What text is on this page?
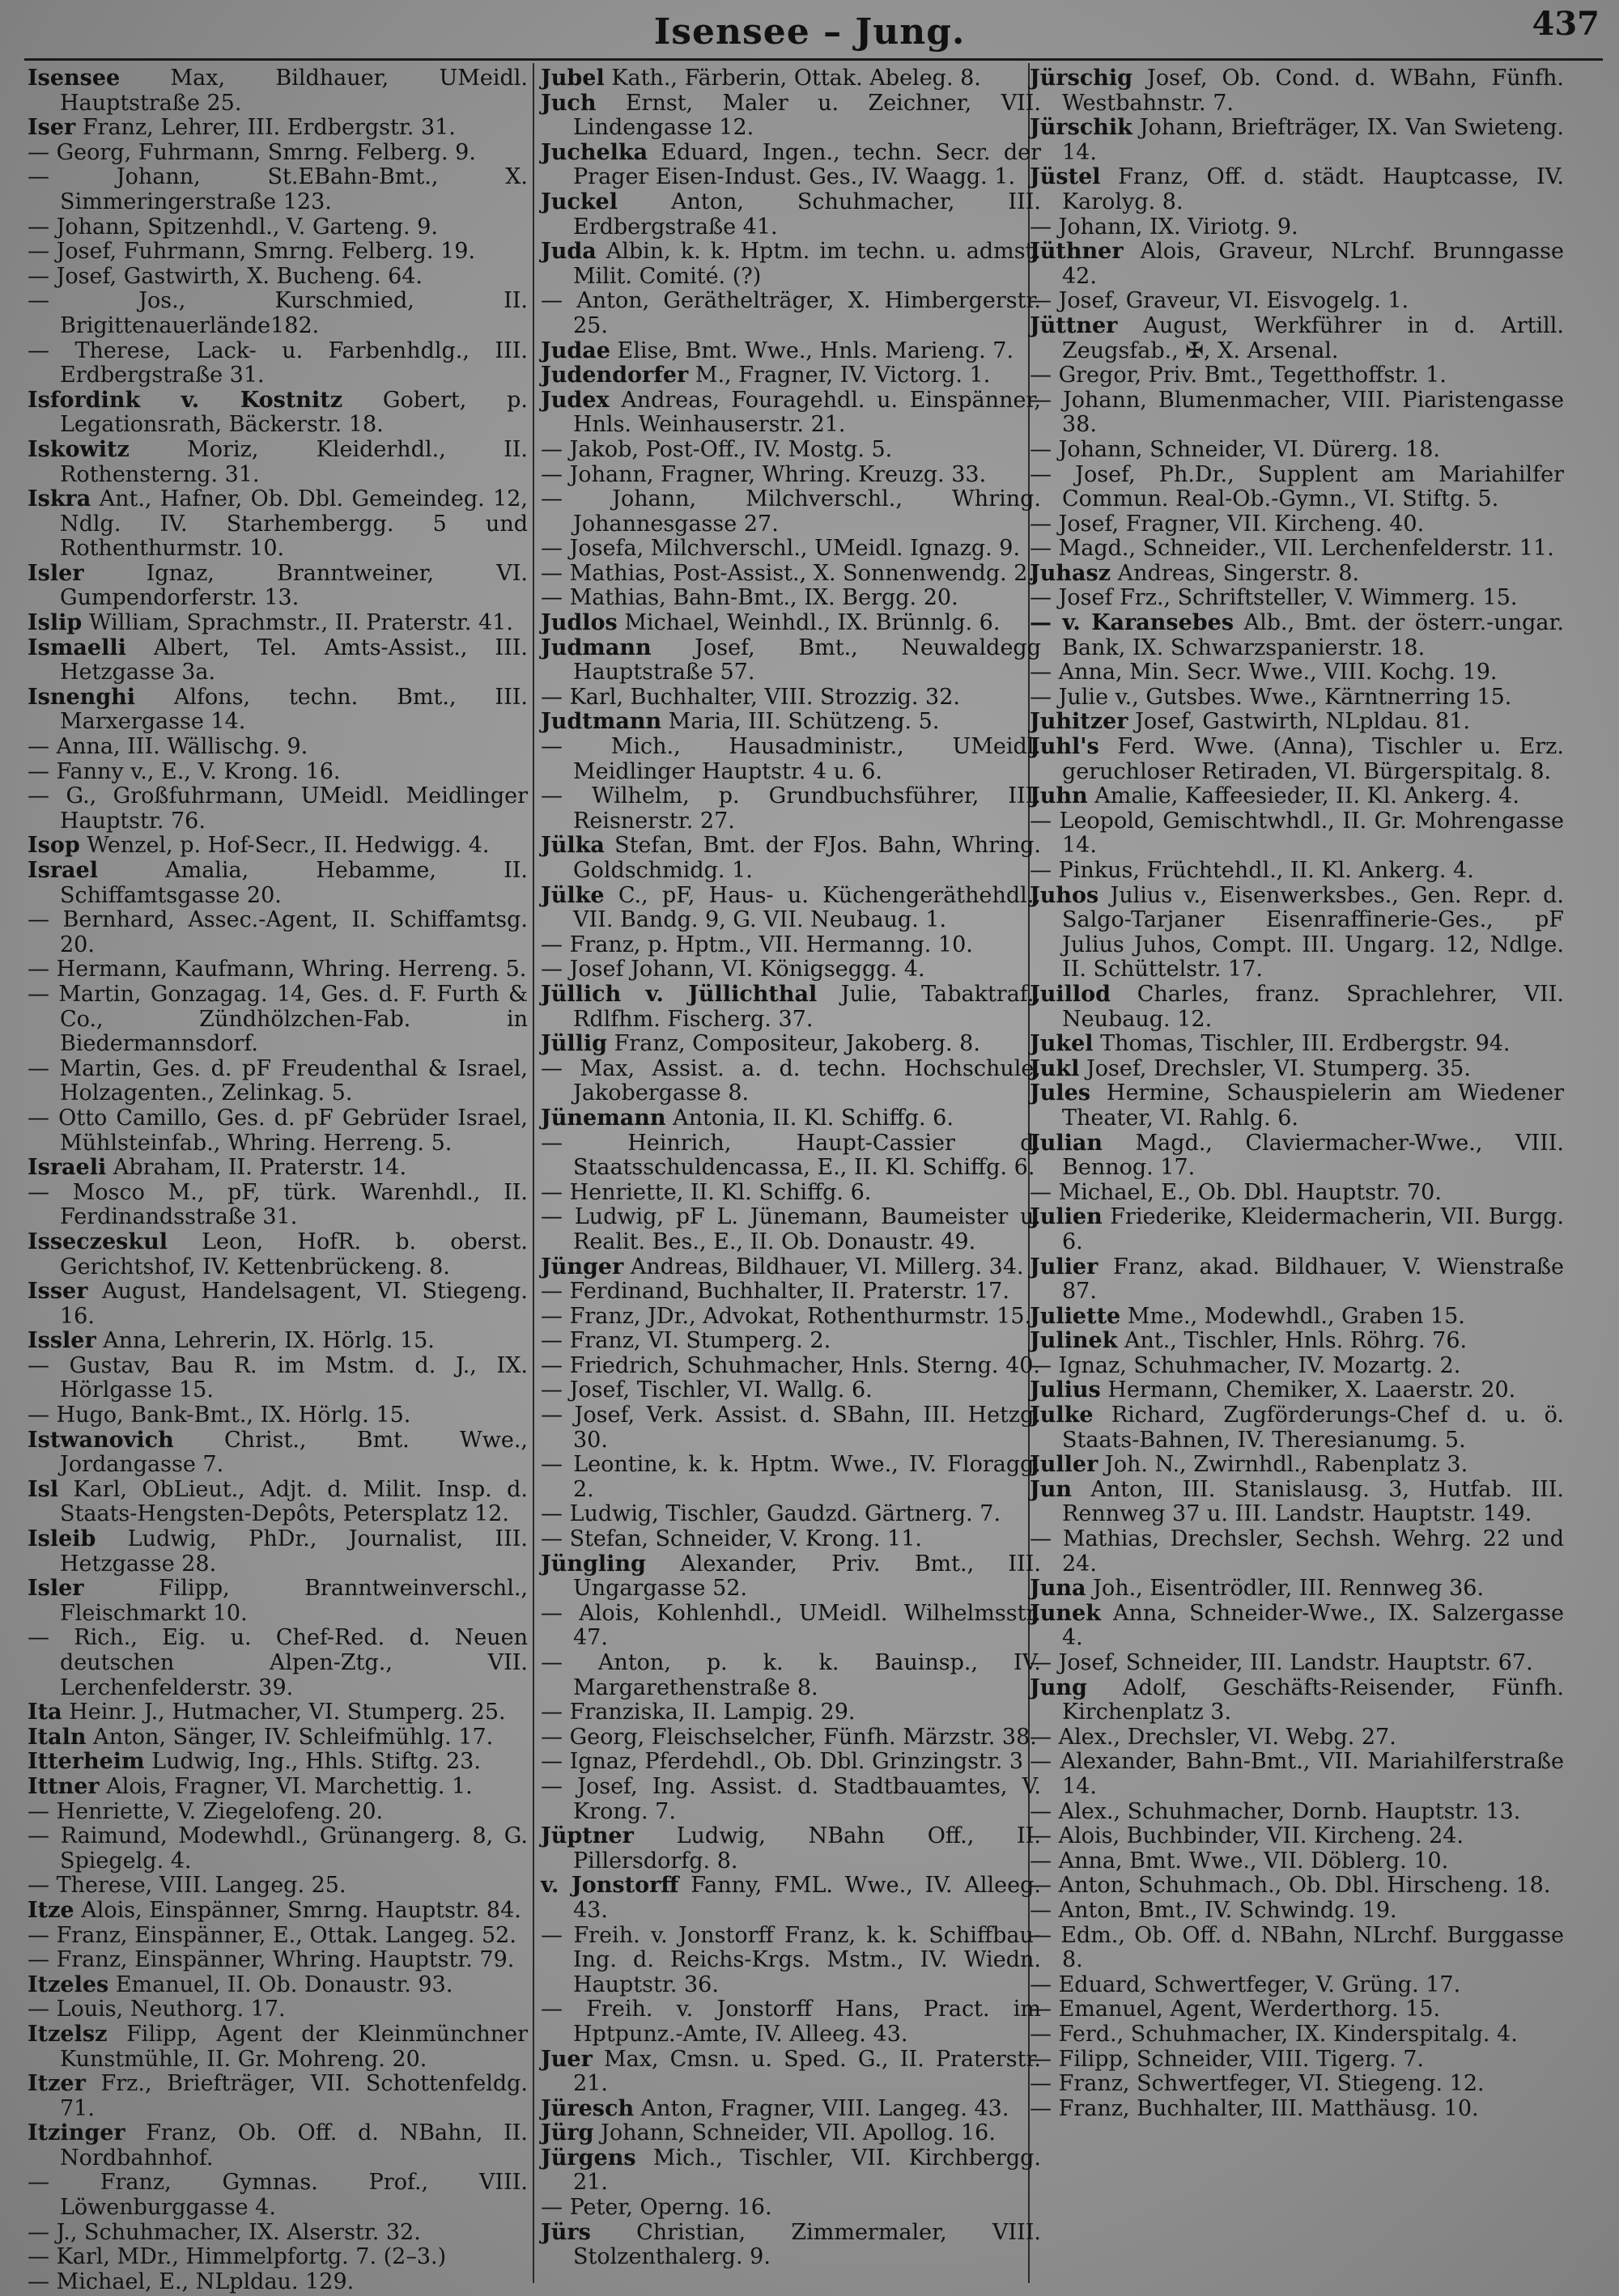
Isensee – Jung.	437

Isensee Max, Bildhauer, UMeidl. Hauptstraße 25.

Iser Franz, Lehrer, III. Erdbergstr. 31.

— Georg, Fuhrmann, Smrng. Felberg. 9.

— Johann, St.EBahn-Bmt., X. Simmeringerstraße 123.

— Johann, Spitzenhdl., V. Garteng. 9.

— Josef, Fuhrmann, Smrng. Felberg. 19.

— Josef, Gastwirth, X. Bucheng. 64.

— Jos., Kurschmied, II. Brigittenauerlände182.

— Therese, Lack- u. Farbenhdlg., III. Erdbergstraße 31.

Isfordink v. Kostnitz Gobert, p. Legationsrath, Bäckerstr. 18.

Iskowitz Moriz, Kleiderhdl., II. Rothensterng. 31.

Iskra Ant., Hafner, Ob. Dbl. Gemeindeg. 12, Ndlg. IV. Starhembergg. 5 und Rothenthurmstr. 10.

Isler Ignaz, Branntweiner, VI. Gumpendorferstr. 13.

Islip William, Sprachmstr., II. Praterstr. 41.

Ismaelli Albert, Tel. Amts-Assist., III. Hetzgasse 3a.

Isnenghi Alfons, techn. Bmt., III. Marxergasse 14.

— Anna, III. Wällischg. 9.

— Fanny v., E., V. Krong. 16.

— G., Großfuhrmann, UMeidl. Meidlinger Hauptstr. 76.

Isop Wenzel, p. Hof-Secr., II. Hedwigg. 4.

Israel Amalia, Hebamme, II. Schiffamtsgasse 20.

— Bernhard, Assec.-Agent, II. Schiffamtsg. 20.

— Hermann, Kaufmann, Whring. Herreng. 5.

— Martin, Gonzagag. 14, Ges. d. F. Furth & Co., Zündhölzchen-Fab. in Biedermannsdorf.

— Martin, Ges. d. pF Freudenthal & Israel, Holzagenten., Zelinkag. 5.

— Otto Camillo, Ges. d. pF Gebrüder Israel, Mühlsteinfab., Whring. Herreng. 5.

Israeli Abraham, II. Praterstr. 14.

— Mosco M., pF, türk. Warenhdl., II. Ferdinandsstraße 31.

Isseczeskul Leon, HofR. b. oberst. Gerichtshof, IV. Kettenbrückeng. 8.

Isser August, Handelsagent, VI. Stiegeng. 16.

Issler Anna, Lehrerin, IX. Hörlg. 15.

— Gustav, Bau R. im Mstm. d. J., IX. Hörlgasse 15.

— Hugo, Bank-Bmt., IX. Hörlg. 15.

Istwanovich Christ., Bmt. Wwe., Jordangasse 7.

Isl Karl, ObLieut., Adjt. d. Milit. Insp. d. Staats-Hengsten-Depôts, Petersplatz 12.

Isleib Ludwig, PhDr., Journalist, III. Hetzgasse 28.

Isler Filipp, Branntweinverschl., Fleischmarkt 10.

— Rich., Eig. u. Chef-Red. d. Neuen deutschen Alpen-Ztg., VII. Lerchenfelderstr. 39.

Ita Heinr. J., Hutmacher, VI. Stumperg. 25.

Italn Anton, Sänger, IV. Schleifmühlg. 17.

Itterheim Ludwig, Ing., Hhls. Stiftg. 23.

Ittner Alois, Fragner, VI. Marchettig. 1.

— Henriette, V. Ziegelofeng. 20.

— Raimund, Modewhdl., Grünangerg. 8, G. Spiegelg. 4.

— Therese, VIII. Langeg. 25.

Itze Alois, Einspänner, Smrng. Hauptstr. 84.

— Franz, Einspänner, E., Ottak. Langeg. 52.

— Franz, Einspänner, Whring. Hauptstr. 79.

Itzeles Emanuel, II. Ob. Donaustr. 93.

— Louis, Neuthorg. 17.

Itzelsz Filipp, Agent der Kleinmünchner Kunstmühle, II. Gr. Mohreng. 20.

Itzer Frz., Briefträger, VII. Schottenfeldg. 71.

Itzinger Franz, Ob. Off. d. NBahn, II. Nordbahnhof.

— Franz, Gymnas. Prof., VIII. Löwenburggasse 4.

— J., Schuhmacher, IX. Alserstr. 32.

— Karl, MDr., Himmelpfortg. 7. (2–3.)

— Michael, E., NLpldau. 129.

Jubel Kath., Färberin, Ottak. Abeleg. 8.

Juch Ernst, Maler u. Zeichner, VII. Lindengasse 12.

Juchelka Eduard, Ingen., techn. Secr. der Prager Eisen-Indust. Ges., IV. Waagg. 1.

Juckel Anton, Schuhmacher, III. Erdbergstraße 41.

Juda Albin, k. k. Hptm. im techn. u. admst. Milit. Comité. (?)

— Anton, Geräthelträger, X. Himbergerstr. 25.

Judae Elise, Bmt. Wwe., Hnls. Marieng. 7.

Judendorfer M., Fragner, IV. Victorg. 1.

Judex Andreas, Fouragehdl. u. Einspänner, Hnls. Weinhauserstr. 21.

— Jakob, Post-Off., IV. Mostg. 5.

— Johann, Fragner, Whring. Kreuzg. 33.

— Johann, Milchverschl., Whring. Johannesgasse 27.

— Josefa, Milchverschl., UMeidl. Ignazg. 9.

— Mathias, Post-Assist., X. Sonnenwendg. 2.

— Mathias, Bahn-Bmt., IX. Bergg. 20.

Judlos Michael, Weinhdl., IX. Brünnlg. 6.

Judmann Josef, Bmt., Neuwaldegg Hauptstraße 57.

— Karl, Buchhalter, VIII. Strozzig. 32.

Judtmann Maria, III. Schützeng. 5.

— Mich., Hausadministr., UMeidl. Meidlinger Hauptstr. 4 u. 6.

— Wilhelm, p. Grundbuchsführer, III. Reisnerstr. 27.

Jülka Stefan, Bmt. der FJos. Bahn, Whring. Goldschmidg. 1.

Jülke C., pF, Haus- u. Küchengeräthehdl., VII. Bandg. 9, G. VII. Neubaug. 1.

— Franz, p. Hptm., VII. Hermanng. 10.

— Josef Johann, VI. Königseggg. 4.

Jüllich v. Jüllichthal Julie, Tabaktraf., Rdlfhm. Fischerg. 37.

Jüllig Franz, Compositeur, Jakoberg. 8.

— Max, Assist. a. d. techn. Hochschule, Jakobergasse 8.

Jünemann Antonia, II. Kl. Schiffg. 6.

— Heinrich, Haupt-Cassier d. Staatsschuldencassa, E., II. Kl. Schiffg. 6.

— Henriette, II. Kl. Schiffg. 6.

— Ludwig, pF L. Jünemann, Baumeister u. Realit. Bes., E., II. Ob. Donaustr. 49.

Jünger Andreas, Bildhauer, VI. Millerg. 34.

— Ferdinand, Buchhalter, II. Praterstr. 17.

— Franz, JDr., Advokat, Rothenthurmstr. 15.

— Franz, VI. Stumperg. 2.

— Friedrich, Schuhmacher, Hnls. Sterng. 40.

— Josef, Tischler, VI. Wallg. 6.

— Josef, Verk. Assist. d. SBahn, III. Hetzg. 30.

— Leontine, k. k. Hptm. Wwe., IV. Floragg. 2.

— Ludwig, Tischler, Gaudzd. Gärtnerg. 7.

— Stefan, Schneider, V. Krong. 11.

Jüngling Alexander, Priv. Bmt., III. Ungargasse 52.

— Alois, Kohlenhdl., UMeidl. Wilhelmsstr. 47.

— Anton, p. k. k. Bauinsp., IV. Margarethenstraße 8.

— Franziska, II. Lampig. 29.

— Georg, Fleischselcher, Fünfh. Märzstr. 38.

— Ignaz, Pferdehdl., Ob. Dbl. Grinzingstr. 3

— Josef, Ing. Assist. d. Stadtbauamtes, V. Krong. 7.

Jüptner Ludwig, NBahn Off., II. Pillersdorfg. 8.

v. Jonstorff Fanny, FML. Wwe., IV. Alleeg. 43.

— Freih. v. Jonstorff Franz, k. k. Schiffbau-Ing. d. Reichs-Krgs. Mstm., IV. Wiedn. Hauptstr. 36.

— Freih. v. Jonstorff Hans, Pract. im Hptpunz.-Amte, IV. Alleeg. 43.

Juer Max, Cmsn. u. Sped. G., II. Praterstr. 21.

Jüresch Anton, Fragner, VIII. Langeg. 43.

Jürg Johann, Schneider, VII. Apollog. 16.

Jürgens Mich., Tischler, VII. Kirchbergg. 21.

— Peter, Operng. 16.

Jürs Christian, Zimmermaler, VIII. Stolzenthalerg. 9.

Jürschig Josef, Ob. Cond. d. WBahn, Fünfh. Westbahnstr. 7.

Jürschik Johann, Briefträger, IX. Van Swieteng. 14.

Jüstel Franz, Off. d. städt. Hauptcasse, IV. Karolyg. 8.

— Johann, IX. Viriotg. 9.

Jüthner Alois, Graveur, NLrchf. Brunngasse 42.

— Josef, Graveur, VI. Eisvogelg. 1.

Jüttner August, Werkführer in d. Artill. Zeugsfab., ✠, X. Arsenal.

— Gregor, Priv. Bmt., Tegetthoffstr. 1.

— Johann, Blumenmacher, VIII. Piaristengasse 38.

— Johann, Schneider, VI. Dürerg. 18.

— Josef, Ph.Dr., Supplent am Mariahilfer Commun. Real-Ob.-Gymn., VI. Stiftg. 5.

— Josef, Fragner, VII. Kircheng. 40.

— Magd., Schneider., VII. Lerchenfelderstr. 11.

Juhasz Andreas, Singerstr. 8.

— Josef Frz., Schriftsteller, V. Wimmerg. 15.

— v. Karansebes Alb., Bmt. der österr.-ungar. Bank, IX. Schwarzspanierstr. 18.

— Anna, Min. Secr. Wwe., VIII. Kochg. 19.

— Julie v., Gutsbes. Wwe., Kärntnerring 15.

Juhitzer Josef, Gastwirth, NLpldau. 81.

Juhl's Ferd. Wwe. (Anna), Tischler u. Erz. geruchloser Retiraden, VI. Bürgerspitalg. 8.

Juhn Amalie, Kaffeesieder, II. Kl. Ankerg. 4.

— Leopold, Gemischtwhdl., II. Gr. Mohrengasse 14.

— Pinkus, Früchtehdl., II. Kl. Ankerg. 4.

Juhos Julius v., Eisenwerksbes., Gen. Repr. d. Salgo-Tarjaner Eisenraffinerie-Ges., pF Julius Juhos, Compt. III. Ungarg. 12, Ndlge. II. Schüttelstr. 17.

Juillod Charles, franz. Sprachlehrer, VII. Neubaug. 12.

Jukel Thomas, Tischler, III. Erdbergstr. 94.

Jukl Josef, Drechsler, VI. Stumperg. 35.

Jules Hermine, Schauspielerin am Wiedener Theater, VI. Rahlg. 6.

Julian Magd., Claviermacher-Wwe., VIII. Bennog. 17.

— Michael, E., Ob. Dbl. Hauptstr. 70.

Julien Friederike, Kleidermacherin, VII. Burgg. 6.

Julier Franz, akad. Bildhauer, V. Wienstraße 87.

Juliette Mme., Modewhdl., Graben 15.

Julinek Ant., Tischler, Hnls. Röhrg. 76.

— Ignaz, Schuhmacher, IV. Mozartg. 2.

Julius Hermann, Chemiker, X. Laaerstr. 20.

Julke Richard, Zugförderungs-Chef d. u. ö. Staats-Bahnen, IV. Theresianumg. 5.

Juller Joh. N., Zwirnhdl., Rabenplatz 3.

Jun Anton, III. Stanislausg. 3, Hutfab. III. Rennweg 37 u. III. Landstr. Hauptstr. 149.

— Mathias, Drechsler, Sechsh. Wehrg. 22 und 24.

Juna Joh., Eisentrödler, III. Rennweg 36.

Junek Anna, Schneider-Wwe., IX. Salzergasse 4.

— Josef, Schneider, III. Landstr. Hauptstr. 67.

Jung Adolf, Geschäfts-Reisender, Fünfh. Kirchenplatz 3.

— Alex., Drechsler, VI. Webg. 27.

— Alexander, Bahn-Bmt., VII. Mariahilferstraße 14.

— Alex., Schuhmacher, Dornb. Hauptstr. 13.

— Alois, Buchbinder, VII. Kircheng. 24.

— Anna, Bmt. Wwe., VII. Döblerg. 10.

— Anton, Schuhmach., Ob. Dbl. Hirscheng. 18.

— Anton, Bmt., IV. Schwindg. 19.

— Edm., Ob. Off. d. NBahn, NLrchf. Burggasse 8.

— Eduard, Schwertfeger, V. Grüng. 17.

— Emanuel, Agent, Werderthorg. 15.

— Ferd., Schuhmacher, IX. Kinderspitalg. 4.

— Filipp, Schneider, VIII. Tigerg. 7.

— Franz, Schwertfeger, VI. Stiegeng. 12.

— Franz, Buchhalter, III. Matthäusg. 10.
